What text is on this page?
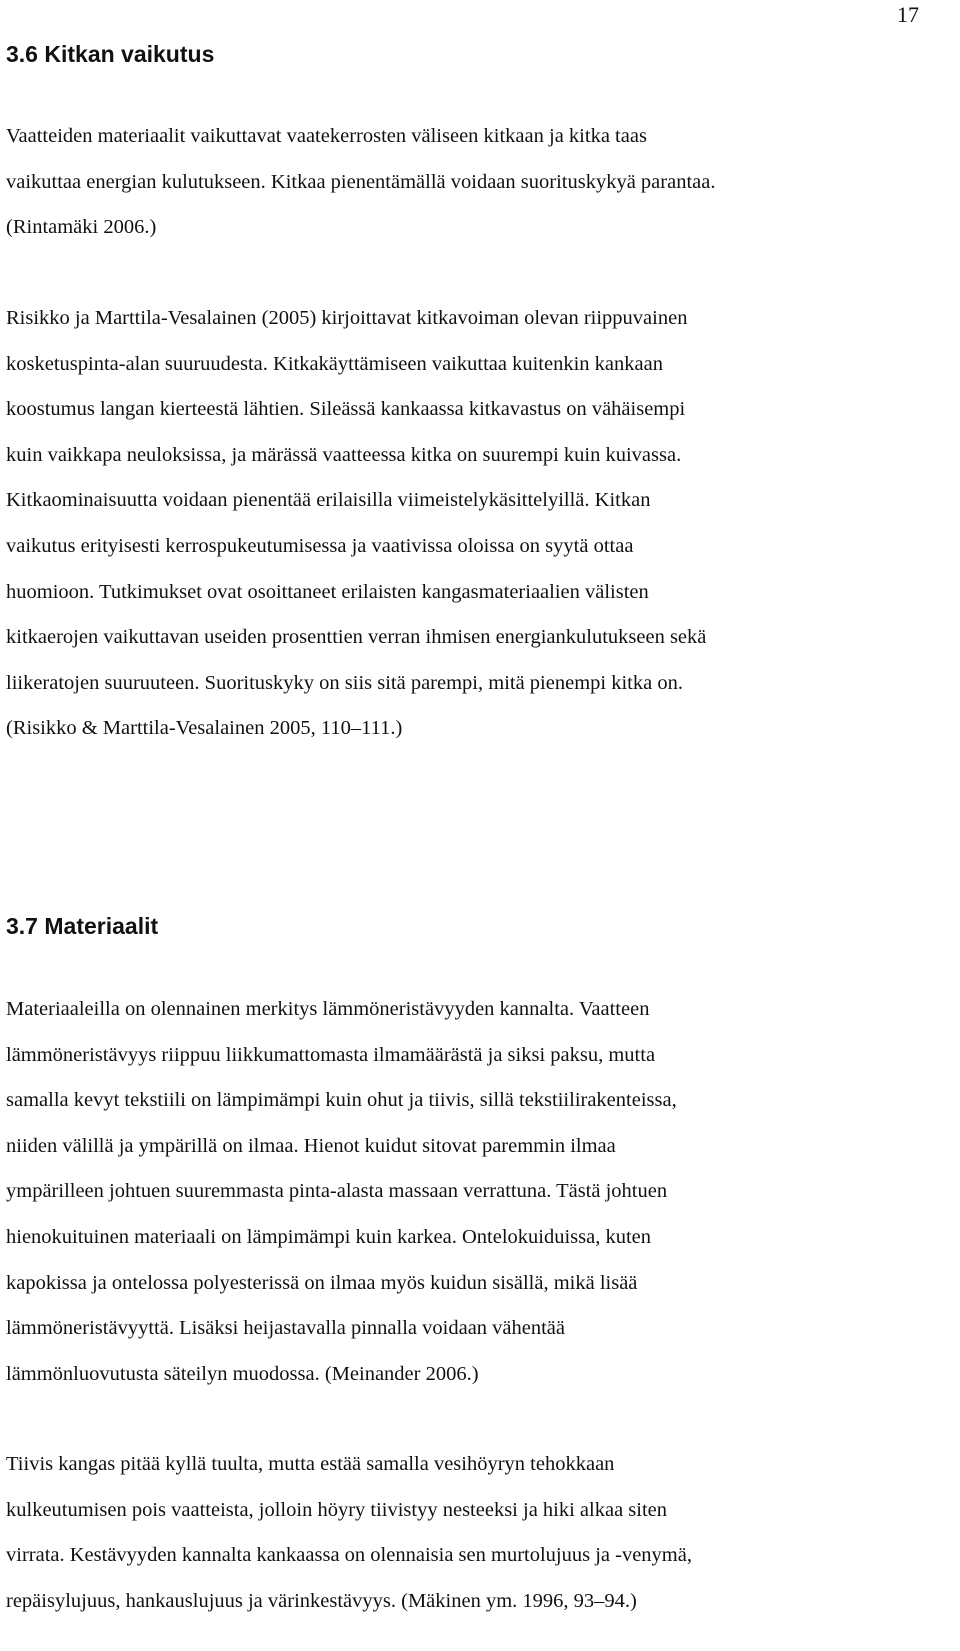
17
3.6 Kitkan vaikutus

Vaatteiden materiaalit vaikuttavat vaatekerrosten väliseen kitkaan ja kitka taas
vaikuttaa energian kulutukseen. Kitkaa pienentämällä voidaan suorituskykyä parantaa.
(Rintamäki 2006.)

Risikko ja Marttila-Vesalainen (2005) kirjoittavat kitkavoiman olevan riippuvainen
kosketuspinta-alan suuruudesta. Kitkakäyttämiseen vaikuttaa kuitenkin kankaan
koostumus langan kierteestä lähtien. Sileässä kankaassa kitkavastus on vähäisempi
kuin vaikkapa neuloksissa, ja märässä vaatteessa kitka on suurempi kuin kuivassa.
Kitkaominaisuutta voidaan pienentää erilaisilla viimeistelykäsittelyillä. Kitkan
vaikutus erityisesti kerrospukeutumisessa ja vaativissa oloissa on syytä ottaa
huomioon. Tutkimukset ovat osoittaneet erilaisten kangasmateriaalien välisten
kitkaerojen vaikuttavan useiden prosenttien verran ihmisen energiankulutukseen sekä
liikeratojen suuruuteen. Suorituskyky on siis sitä parempi, mitä pienempi kitka on.
(Risikko & Marttila-Vesalainen 2005, 110–111.)

3.7 Materiaalit

Materiaaleilla on olennainen merkitys lämmöneristävyyden kannalta. Vaatteen
lämmöneristävyys riippuu liikkumattomasta ilmamäärästä ja siksi paksu, mutta
samalla kevyt tekstiili on lämpimämpi kuin ohut ja tiivis, sillä tekstiilirakenteissa,
niiden välillä ja ympärillä on ilmaa. Hienot kuidut sitovat paremmin ilmaa
ympärilleen johtuen suuremmasta pinta-alasta massaan verrattuna. Tästä johtuen
hienokuituinen materiaali on lämpimämpi kuin karkea. Ontelokuiduissa, kuten
kapokissa ja ontelossa polyesterissä on ilmaa myös kuidun sisällä, mikä lisää
lämmöneristävyyttä. Lisäksi heijastavalla pinnalla voidaan vähentää
lämmönluovutusta säteilyn muodossa. (Meinander 2006.)

Tiivis kangas pitää kyllä tuulta, mutta estää samalla vesihöyryn tehokkaan
kulkeutumisen pois vaatteista, jolloin höyry tiivistyy nesteeksi ja hiki alkaa siten
virrata. Kestävyyden kannalta kankaassa on olennaisia sen murtolujuus ja -venymä,
repäisylujuus, hankauslujuus ja värinkestävyys. (Mäkinen ym. 1996, 93–94.)
